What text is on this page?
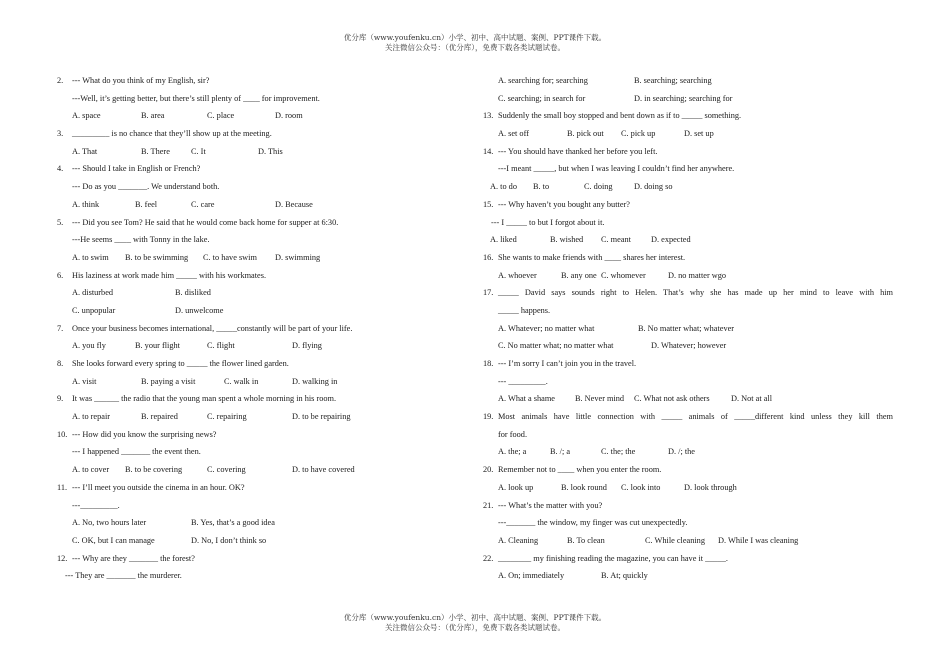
优分库（www.youfenku.cn）小学、初中、高中试题、案例、PPT课件下载。
关注微信公众号：（优分库），免费下载各类试题试卷。
2. --- What do you think of my English, sir?
---Well, it’s getting better, but there’s still plenty of ____ for improvement.
A. space	B. area	C. place	D. room
3. _________ is no chance that they’ll show up at the meeting.
A. That	B. There	C. It	D. This
4. --- Should I take in English or French?
--- Do as you _______. We understand both.
A. think	B. feel	C. care	D. Because
5. --- Did you see Tom? He said that he would come back home for supper at 6:30.
---He seems ____ with Tonny in the lake.
A. to swim B. to be swimming C. to have swim D. swimming
6. His laziness at work made him _____ with his workmates.
A. disturbed	B. disliked
C. unpopular	D. unwelcome
7. Once your business becomes international, _____constantly will be part of your life.
A. you fly	B. your flight	C. flight	D. flying
8. She looks forward every spring to _____ the flower lined garden.
A. visit	B. paying a visit	C. walk in	D. walking in
9. It was ______ the radio that the young man spent a whole morning in his room.
A. to repair	B. repaired	C. repairing	D. to be repairing
10. --- How did you know the surprising news?
--- I happened _______ the event then.
A. to cover B. to be covering	C. covering	D. to have covered
11. --- I’ll meet you outside the cinema in an hour. OK?
---_________.
A. No, two hours later	B. Yes, that’s a good idea
C. OK, but I can manage	D. No, I don’t think so
12. --- Why are they _______ the forest?
--- They are _______ the murderer.
A. searching for; searching	B. searching; searching
C. searching; in search for	D. in searching; searching for
13. Suddenly the small boy stopped and bent down as if to _____ something.
A. set off	B. pick out C. pick up	D. set up
14. --- You should have thanked her before you left.
---I meant _____, but when I was leaving I couldn’t find her anywhere.
A. to do B. to	C. doing	D. doing so
15. --- Why haven’t you bought any butter?
--- I _____ to but I forgot about it.
A. liked	B. wished C. meant D. expected
16. She wants to make friends with ____ shares her interest.
A. whoever	B. any one C. whomever	D. no matter wgo
17. _____ David says sounds right to Helen. That’s why she has made up her mind to leave with him
_____ happens.
A. Whatever; no matter what	B. No matter what; whatever
C. No matter what; no matter what	D. Whatever; however
18. --- I’m sorry I can’t join you in the travel.
--- _________.
A. What a shame B. Never mind C. What not ask others	D. Not at all
19. Most animals have little connection with _____ animals of _____different kind unless they kill them
for food.
A. the; a	B. /; a	C. the; the	D. /; the
20. Remember not to ____ when you enter the room.
A. look up	B. look round C. look into	D. look through
21. --- What’s the matter with you?
---_______ the window, my finger was cut unexpectedly.
A. Cleaning	B. To clean	C. While cleaning D. While I was cleaning
22. ________ my finishing reading the magazine, you can have it _____.
A. On; immediately	B. At; quickly
优分库（www.youfenku.cn）小学、初中、高中试题、案例、PPT课件下载。
关注微信公众号：（优分库），免费下载各类试题试卷。
